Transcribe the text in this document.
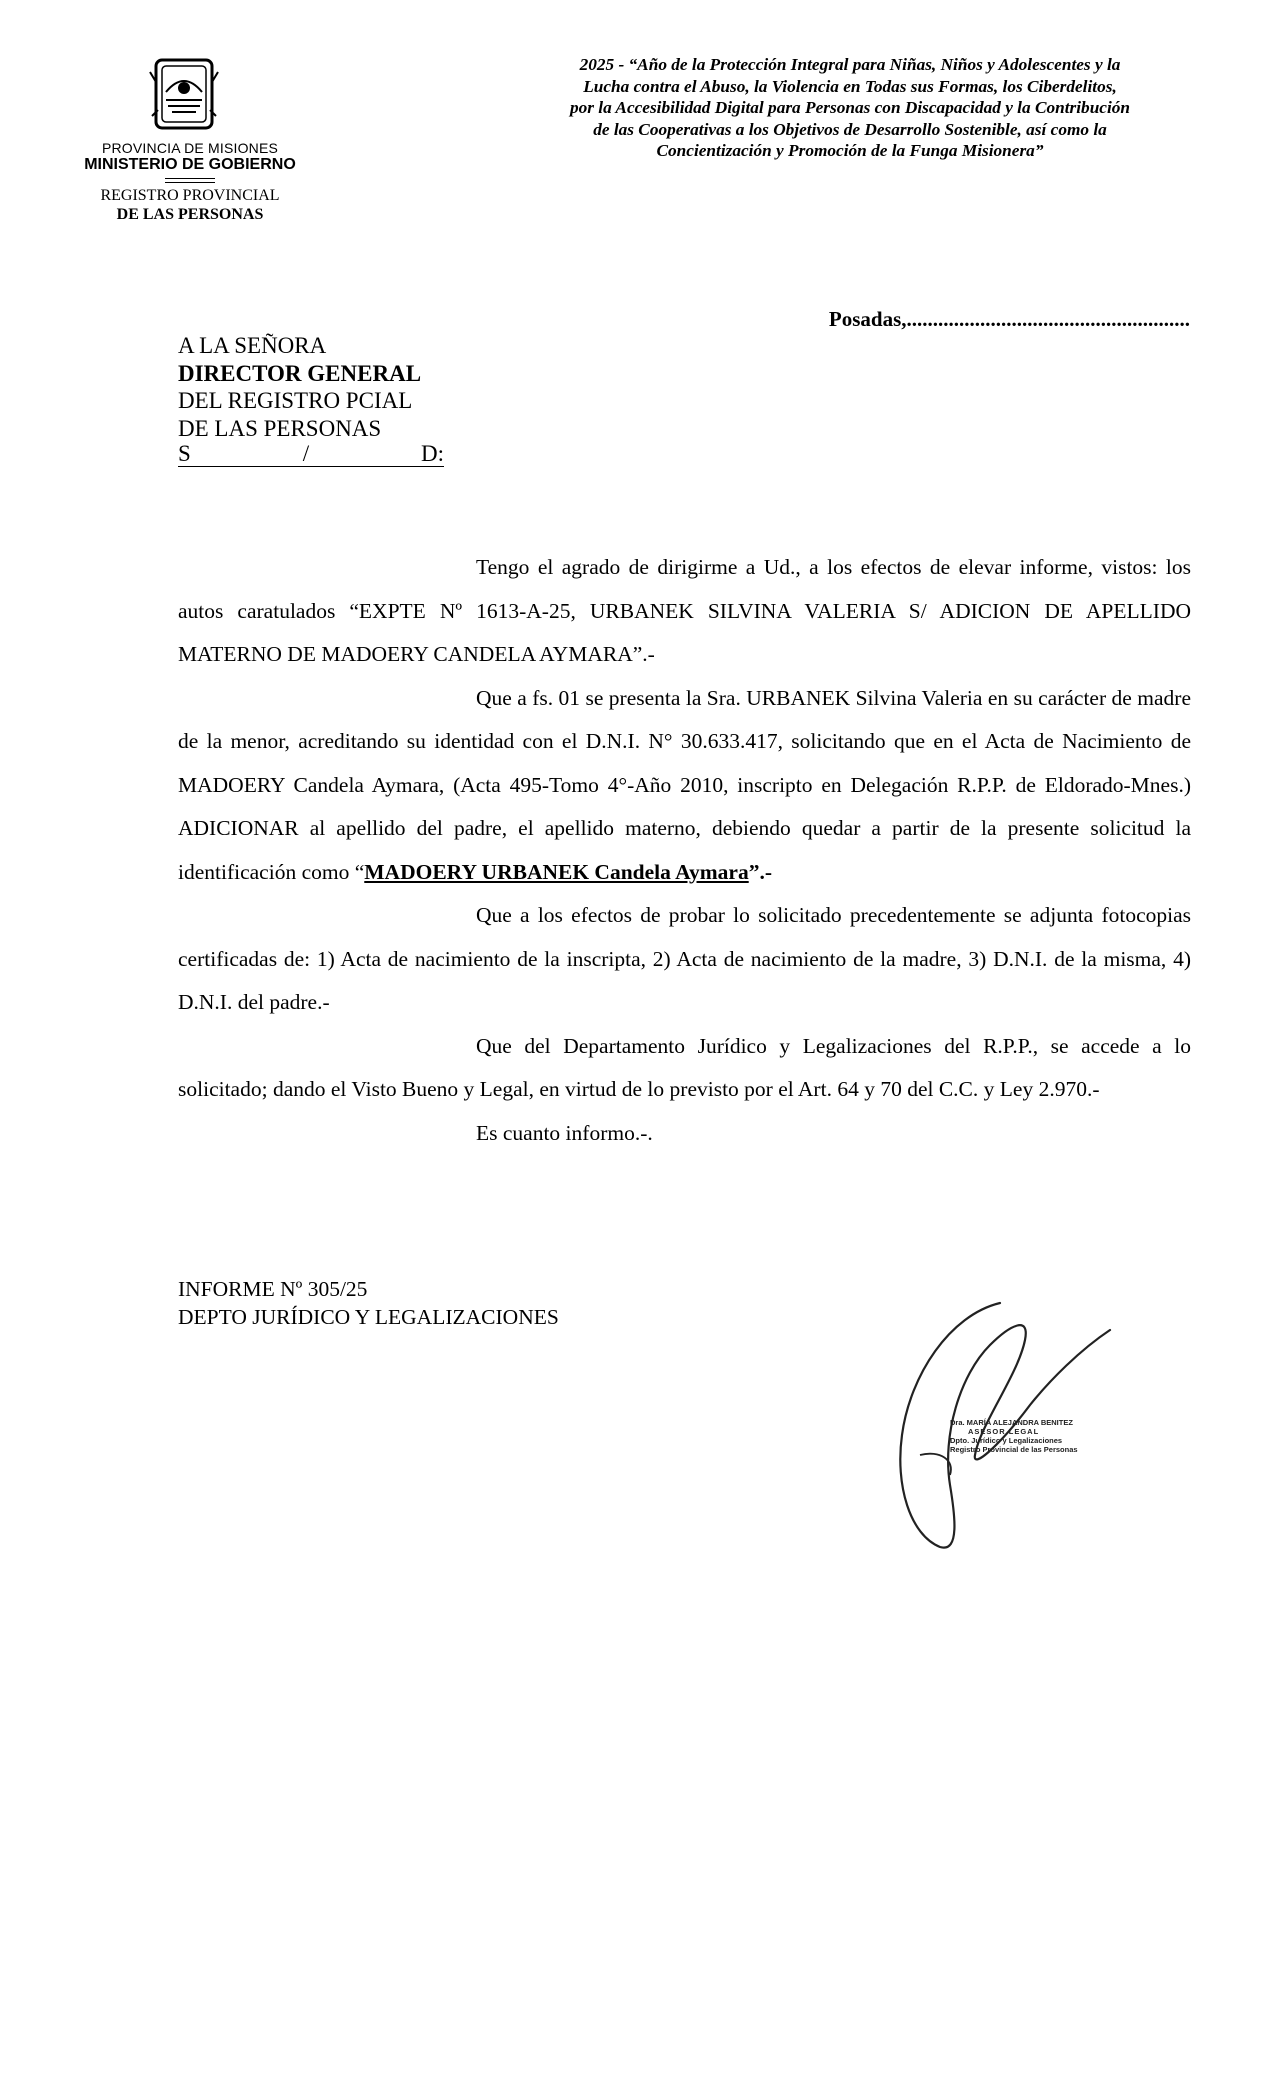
PROVINCIA DE MISIONES
MINISTERIO DE GOBIERNO
REGISTRO PROVINCIAL
DE LAS PERSONAS
2025 - “Año de la Protección Integral para Niñas, Niños y Adolescentes y la
Lucha contra el Abuso, la Violencia en Todas sus Formas, los Ciberdelitos,
por la Accesibilidad Digital para Personas con Discapacidad y la Contribución
de las Cooperativas a los Objetivos de Desarrollo Sostenible, así como la
Concientización y Promoción de la Funga Misionera”
Posadas,......................................................
A LA SEÑORA
DIRECTOR GENERAL
DEL REGISTRO PCIAL
DE LAS PERSONAS
S	/	D:

Tengo el agrado de dirigirme a Ud., a los efectos de elevar informe, vistos: los autos caratulados “EXPTE Nº 1613-A-25, URBANEK SILVINA VALERIA S/ ADICION DE APELLIDO MATERNO DE MADOERY CANDELA AYMARA”.-

Que a fs. 01 se presenta la Sra. URBANEK Silvina Valeria en su carácter de madre de la menor, acreditando su identidad con el D.N.I. N° 30.633.417, solicitando que en el Acta de Nacimiento de MADOERY Candela Aymara, (Acta 495-Tomo 4°-Año 2010, inscripto en Delegación R.P.P. de Eldorado-Mnes.) ADICIONAR al apellido del padre, el apellido materno, debiendo quedar a partir de la presente solicitud la identificación como “MADOERY URBANEK Candela Aymara”.-

Que a los efectos de probar lo solicitado precedentemente se adjunta fotocopias certificadas de: 1) Acta de nacimiento de la inscripta, 2) Acta de nacimiento de la madre, 3) D.N.I. de la misma, 4) D.N.I. del padre.-

Que del Departamento Jurídico y Legalizaciones del R.P.P., se accede a lo solicitado; dando el Visto Bueno y Legal, en virtud de lo previsto por el Art. 64 y 70 del C.C. y Ley 2.970.-

Es cuanto informo.-.

INFORME Nº 305/25
DEPTO JURÍDICO Y LEGALIZACIONES
Dra. MARÍA ALEJANDRA BENITEZ
ASESOR LEGAL
Dpto. Jurídico y Legalizaciones
Registro Provincial de las Personas
